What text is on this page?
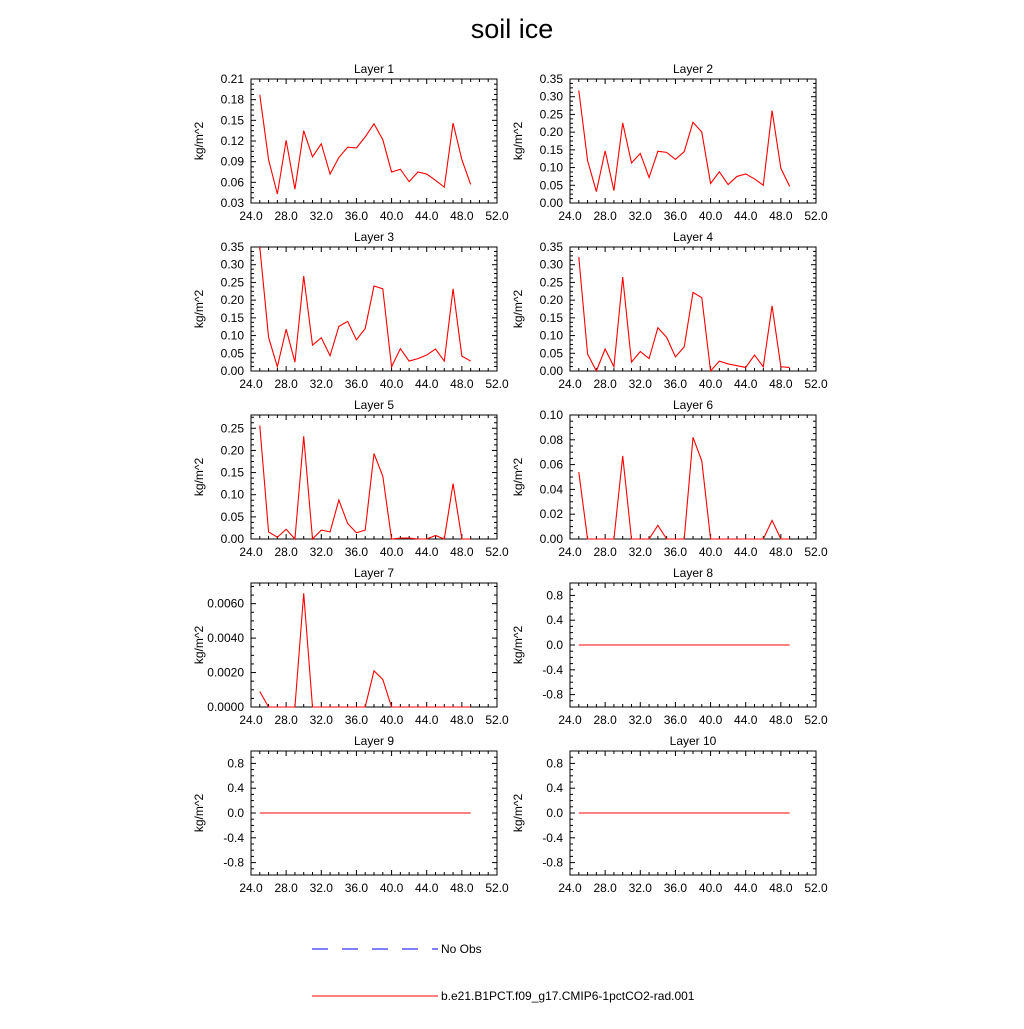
soil ice
Layer 1
kg/m^2
24.0 28.0 32.0 36.0 40.0 44.0 48.0 52.0
0.03
0.06
0.09
0.12
0.15
0.18
0.21
Layer 2
kg/m^2
24.0 28.0 32.0 36.0 40.0 44.0 48.0 52.0
0.00
0.05
0.10
0.15
0.20
0.25
0.30
0.35
Layer 3
kg/m^2
24.0 28.0 32.0 36.0 40.0 44.0 48.0 52.0
0.00
0.05
0.10
0.15
0.20
0.25
0.30
0.35
Layer 4
kg/m^2
24.0 28.0 32.0 36.0 40.0 44.0 48.0 52.0
0.00
0.05
0.10
0.15
0.20
0.25
0.30
0.35
Layer 5
kg/m^2
24.0 28.0 32.0 36.0 40.0 44.0 48.0 52.0
0.00
0.05
0.10
0.15
0.20
0.25
Layer 6
kg/m^2
24.0 28.0 32.0 36.0 40.0 44.0 48.0 52.0
0.00
0.02
0.04
0.06
0.08
0.10
Layer 7
kg/m^2
24.0 28.0 32.0 36.0 40.0 44.0 48.0 52.0
0.0000
0.0020
0.0040
0.0060
Layer 8
kg/m^2
24.0 28.0 32.0 36.0 40.0 44.0 48.0 52.0
-0.8
-0.4
0.0
0.4
0.8
Layer 9
kg/m^2
24.0 28.0 32.0 36.0 40.0 44.0 48.0 52.0
-0.8
-0.4
0.0
0.4
0.8
Layer 10
kg/m^2
24.0 28.0 32.0 36.0 40.0 44.0 48.0 52.0
-0.8
-0.4
0.0
0.4
0.8
No Obs
b.e21.B1PCT.f09_g17.CMIP6-1pctCO2-rad.001
